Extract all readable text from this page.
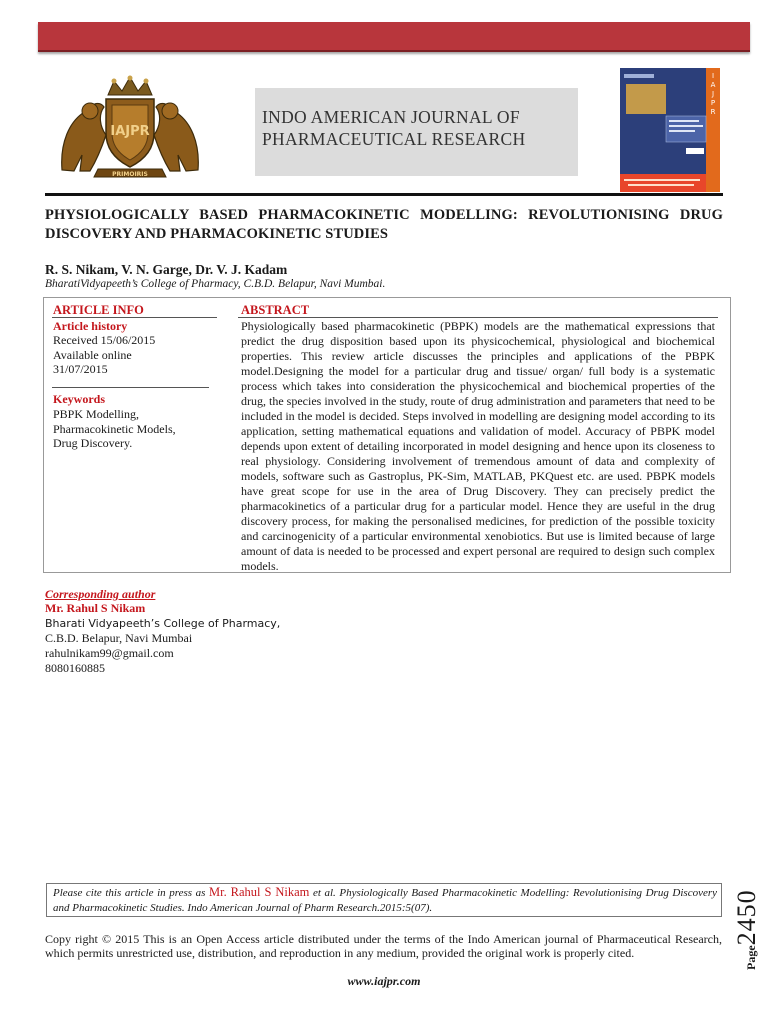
Indo American Journal of Pharmaceutical Research, 2015	ISSN NO: 2231-6876
IAJPR
PRIMOIRIS
INDO AMERICAN JOURNAL OF
PHARMACEUTICAL RESEARCH
I
A
J
P
R
PHYSIOLOGICALLY BASED PHARMACOKINETIC MODELLING: REVOLUTIONISING DRUG DISCOVERY AND PHARMACOKINETIC STUDIES
R. S. Nikam, V. N. Garge, Dr. V. J. Kadam
BharatiVidyapeeth’s College of Pharmacy, C.B.D. Belapur, Navi Mumbai.
ARTICLE INFO	ABSTRACT
Article history
Received 15/06/2015
Available online
31/07/2015
Keywords
PBPK Modelling,
Pharmacokinetic Models,
Drug Discovery.
Physiologically based pharmacokinetic (PBPK) models are the mathematical expressions that predict the drug disposition based upon its physicochemical, physiological and biochemical properties. This review article discusses the principles and applications of the PBPK model.Designing the model for a particular drug and tissue/ organ/ full body is a systematic process which takes into consideration the physicochemical and biochemical properties of the drug, the species involved in the study, route of drug administration and parameters that need to be included in the model is decided. Steps involved in modelling are designing model according to its application, setting mathematical equations and validation of model. Accuracy of PBPK model depends upon extent of detailing incorporated in model designing and hence upon its closeness to real physiology. Considering involvement of tremendous amount of data and complexity of models, software such as Gastroplus, PK-Sim, MATLAB, PKQuest etc. are used. PBPK models have great scope for use in the area of Drug Discovery. They can precisely predict the pharmacokinetics of a particular drug for a particular model. Hence they are useful in the drug discovery process, for making the personalised medicines, for prediction of the possible toxicity and carcinogenicity of a particular environmental xenobiotics. But use is limited because of large amount of data is needed to be processed and expert personal are required to design such complex models.
Corresponding author
Mr. Rahul S Nikam
Bharati Vidyapeeth’s College of Pharmacy,
C.B.D. Belapur, Navi Mumbai
rahulnikam99@gmail.com
8080160885
Please cite this article in press as Mr. Rahul S Nikam et al. Physiologically Based Pharmacokinetic Modelling: Revolutionising Drug Discovery and Pharmacokinetic Studies. Indo American Journal of Pharm Research.2015:5(07).
Page2450
Copy right © 2015 This is an Open Access article distributed under the terms of the Indo American journal of Pharmaceutical Research, which permits unrestricted use, distribution, and reproduction in any medium, provided the original work is properly cited.
www.iajpr.com
